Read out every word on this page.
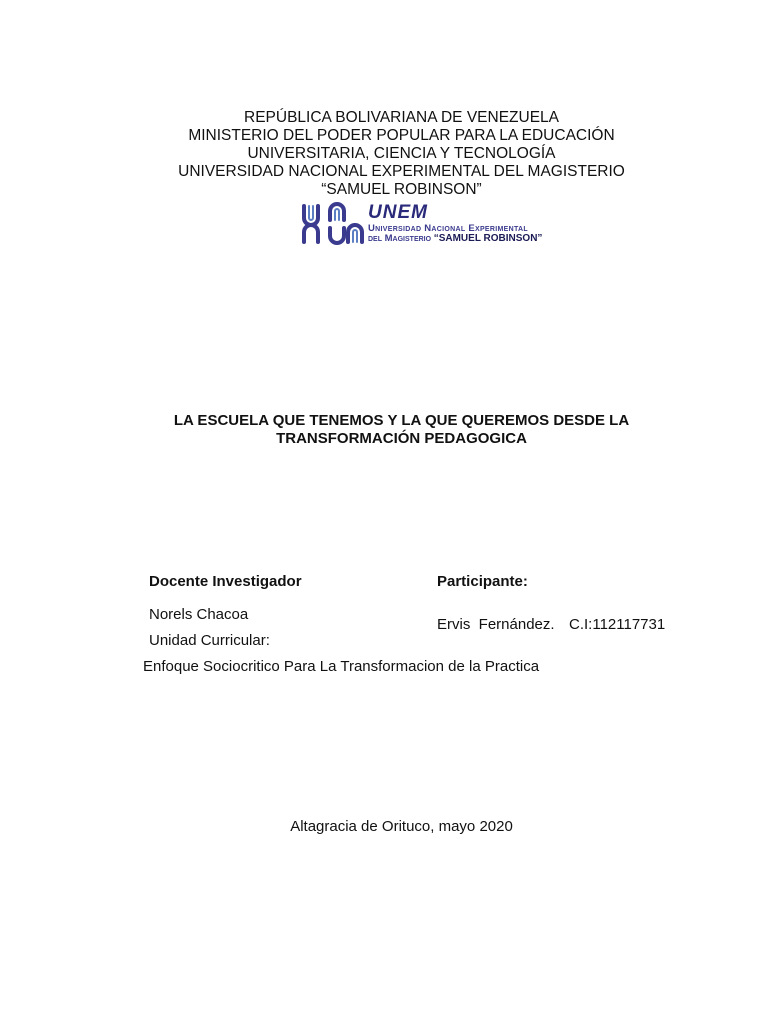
REPÚBLICA BOLIVARIANA DE VENEZUELA
MINISTERIO DEL PODER POPULAR PARA LA EDUCACIÓN
UNIVERSITARIA, CIENCIA Y TECNOLOGÍA
UNIVERSIDAD NACIONAL EXPERIMENTAL DEL MAGISTERIO
“SAMUEL ROBINSON”
UNEM
Universidad Nacional Experimental
del Magisterio “SAMUEL ROBINSON”
LA ESCUELA QUE TENEMOS Y LA QUE QUEREMOS DESDE LA
TRANSFORMACIÓN PEDAGOGICA
Docente Investigador
Norels Chacoa
Unidad Curricular:
Enfoque Sociocritico Para La Transformacion de la Practica
Participante:
Ervis  Fernández. C.I:112117731
Altagracia de Orituco, mayo 2020
